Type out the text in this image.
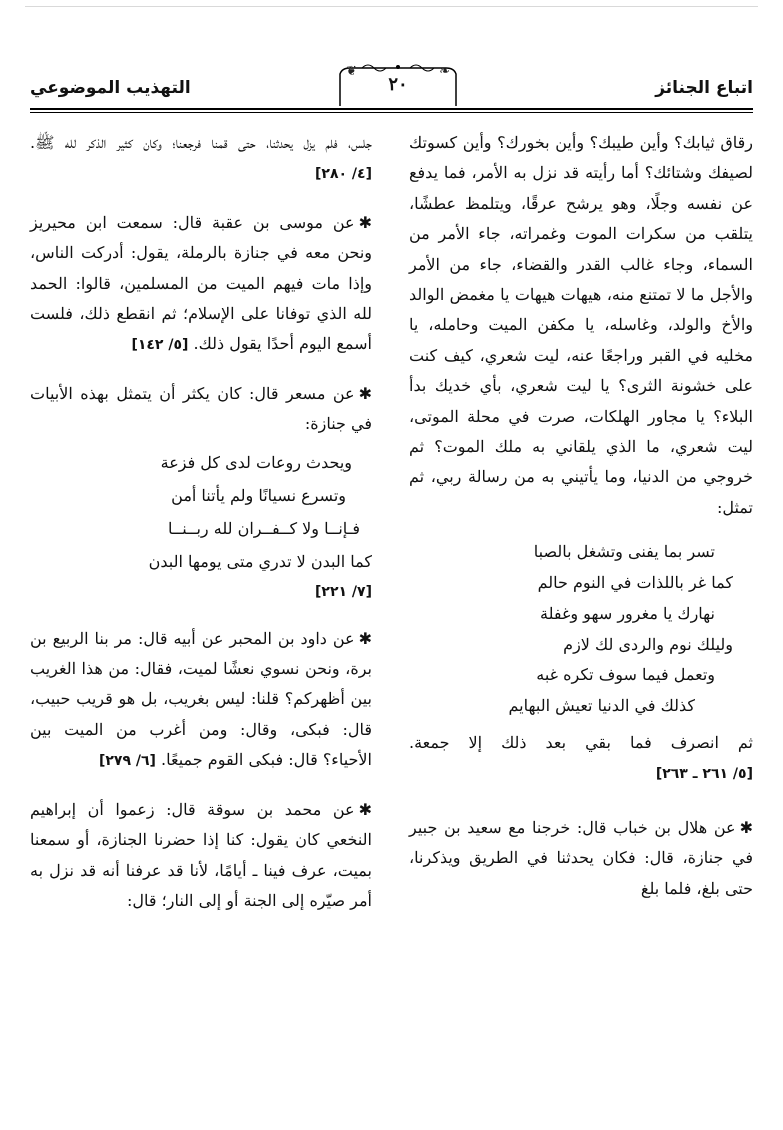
اتباع الجنائز
❦	❧
٢٠
التهذيب الموضوعي

رقاق ثيابك؟ وأين طيبك؟ وأين بخورك؟ وأين كسوتك لصيفك وشتائك؟ أما رأيته قد نزل به الأمر، فما يدفع عن نفسه وجلًا، وهو يرشح عرقًا، ويتلمظ عطشًا، يتلقب من سكرات الموت وغمراته، جاء الأمر من السماء، وجاء غالب القدر والقضاء، جاء من الأمر والأجل ما لا تمتنع منه، هيهات هيهات يا مغمض الوالد والأخ والولد، وغاسله، يا مكفن الميت وحامله، يا مخليه في القبر وراجعًا عنه، ليت شعري، كيف كنت على خشونة الثرى؟ يا ليت شعري، بأي خديك بدأ البلاء؟ يا مجاور الهلكات، صرت في محلة الموتى، ليت شعري، ما الذي يلقاني به ملك الموت؟ ثم خروجي من الدنيا، وما يأتيني به من رسالة ربي، ثم تمثل:

تسر بما يفنى وتشغل بالصبا
كما غر باللذات في النوم حالم
نهارك يا مغرور سهو وغفلة
وليلك نوم والردى لك لازم
وتعمل فيما سوف تكره غبه
كذلك في الدنيا تعيش البهايم

ثم انصرف فما بقي بعد ذلك إلا جمعة. [٥/ ٢٦١ ـ ٢٦٣]

✱عن هلال بن خباب قال: خرجنا مع سعيد بن جبير في جنازة، قال: فكان يحدثنا في الطريق ويذكرنا، حتى بلغ، فلما بلغ

جلس، فلم يزل يحدثنا، حتى قمنا فرجعنا؛ وكان كثير الذكر لله ﷺ. [٤/ ٢٨٠]

✱عن موسى بن عقبة قال: سمعت ابن محيريز ونحن معه في جنازة بالرملة، يقول: أدركت الناس، وإذا مات فيهم الميت من المسلمين، قالوا: الحمد لله الذي توفانا على الإسلام؛ ثم انقطع ذلك، فلست أسمع اليوم أحدًا يقول ذلك. [٥/ ١٤٢]

✱عن مسعر قال: كان يكثر أن يتمثل بهذه الأبيات في جنازة:

ويحدث روعات لدى كل فزعة
وتسرع نسيانًا ولم يأتنا أمن
فـإنــا ولا كــفــران لله ربــنــا
كما البدن لا تدري متى يومها البدن
[٧/ ٢٢١]

✱عن داود بن المحبر عن أبيه قال: مر بنا الربيع بن برة، ونحن نسوي نعشًا لميت، فقال: من هذا الغريب بين أظهركم؟ قلنا: ليس بغريب، بل هو قريب حبيب، قال: فبكى، وقال: ومن أغرب من الميت بين الأحياء؟ قال: فبكى القوم جميعًا. [٦/ ٢٧٩]

✱عن محمد بن سوقة قال: زعموا أن إبراهيم النخعي كان يقول: كنا إذا حضرنا الجنازة، أو سمعنا بميت، عرف فينا ـ أيامًا، لأنا قد عرفنا أنه قد نزل به أمر صيّره إلى الجنة أو إلى النار؛ قال:
